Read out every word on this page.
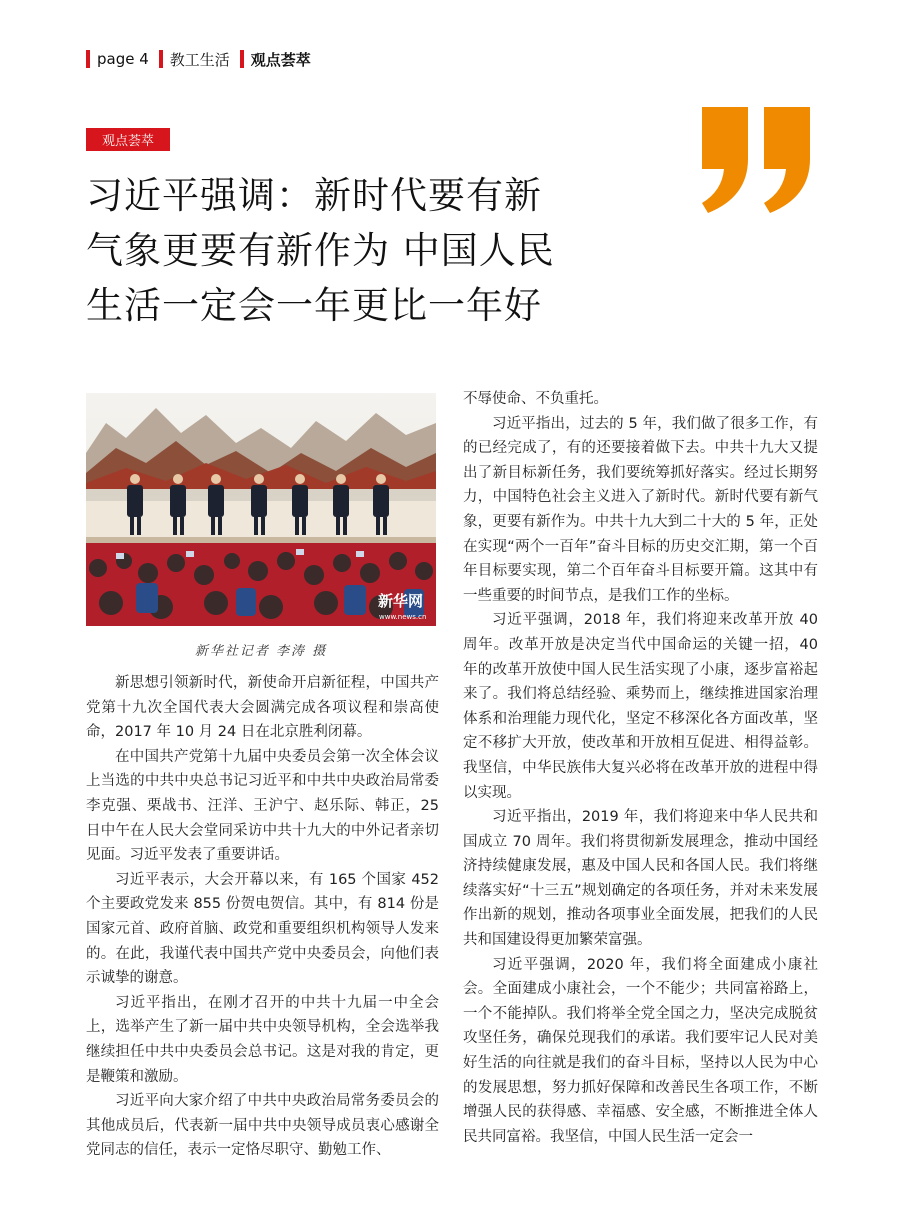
page 4 教工生活 观点荟萃
观点荟萃
习近平强调：新时代要有新
气象更要有新作为 中国人民
生活一定会一年更比一年好
新华网
www.news.cn
新华社记者 李涛 摄

新思想引领新时代，新使命开启新征程，中国共产党第十九次全国代表大会圆满完成各项议程和崇高使命，2017 年 10 月 24 日在北京胜利闭幕。

在中国共产党第十九届中央委员会第一次全体会议上当选的中共中央总书记习近平和中共中央政治局常委李克强、栗战书、汪洋、王沪宁、赵乐际、韩正，25 日中午在人民大会堂同采访中共十九大的中外记者亲切见面。习近平发表了重要讲话。

习近平表示，大会开幕以来，有 165 个国家 452 个主要政党发来 855 份贺电贺信。其中，有 814 份是国家元首、政府首脑、政党和重要组织机构领导人发来的。在此，我谨代表中国共产党中央委员会，向他们表示诚挚的谢意。

习近平指出，在刚才召开的中共十九届一中全会上，选举产生了新一届中共中央领导机构，全会选举我继续担任中共中央委员会总书记。这是对我的肯定，更是鞭策和激励。

习近平向大家介绍了中共中央政治局常务委员会的其他成员后，代表新一届中共中央领导成员衷心感谢全党同志的信任，表示一定恪尽职守、勤勉工作、

不辱使命、不负重托。

习近平指出，过去的 5 年，我们做了很多工作，有的已经完成了，有的还要接着做下去。中共十九大又提出了新目标新任务，我们要统筹抓好落实。经过长期努力，中国特色社会主义进入了新时代。新时代要有新气象，更要有新作为。中共十九大到二十大的 5 年，正处在实现“两个一百年”奋斗目标的历史交汇期，第一个百年目标要实现，第二个百年奋斗目标要开篇。这其中有一些重要的时间节点，是我们工作的坐标。

习近平强调，2018 年，我们将迎来改革开放 40 周年。改革开放是决定当代中国命运的关键一招，40 年的改革开放使中国人民生活实现了小康，逐步富裕起来了。我们将总结经验、乘势而上，继续推进国家治理体系和治理能力现代化，坚定不移深化各方面改革，坚定不移扩大开放，使改革和开放相互促进、相得益彰。我坚信，中华民族伟大复兴必将在改革开放的进程中得以实现。

习近平指出，2019 年，我们将迎来中华人民共和国成立 70 周年。我们将贯彻新发展理念，推动中国经济持续健康发展，惠及中国人民和各国人民。我们将继续落实好“十三五”规划确定的各项任务，并对未来发展作出新的规划，推动各项事业全面发展，把我们的人民共和国建设得更加繁荣富强。

习近平强调，2020 年，我们将全面建成小康社会。全面建成小康社会，一个不能少；共同富裕路上，一个不能掉队。我们将举全党全国之力，坚决完成脱贫攻坚任务，确保兑现我们的承诺。我们要牢记人民对美好生活的向往就是我们的奋斗目标，坚持以人民为中心的发展思想，努力抓好保障和改善民生各项工作，不断增强人民的获得感、幸福感、安全感，不断推进全体人民共同富裕。我坚信，中国人民生活一定会一
